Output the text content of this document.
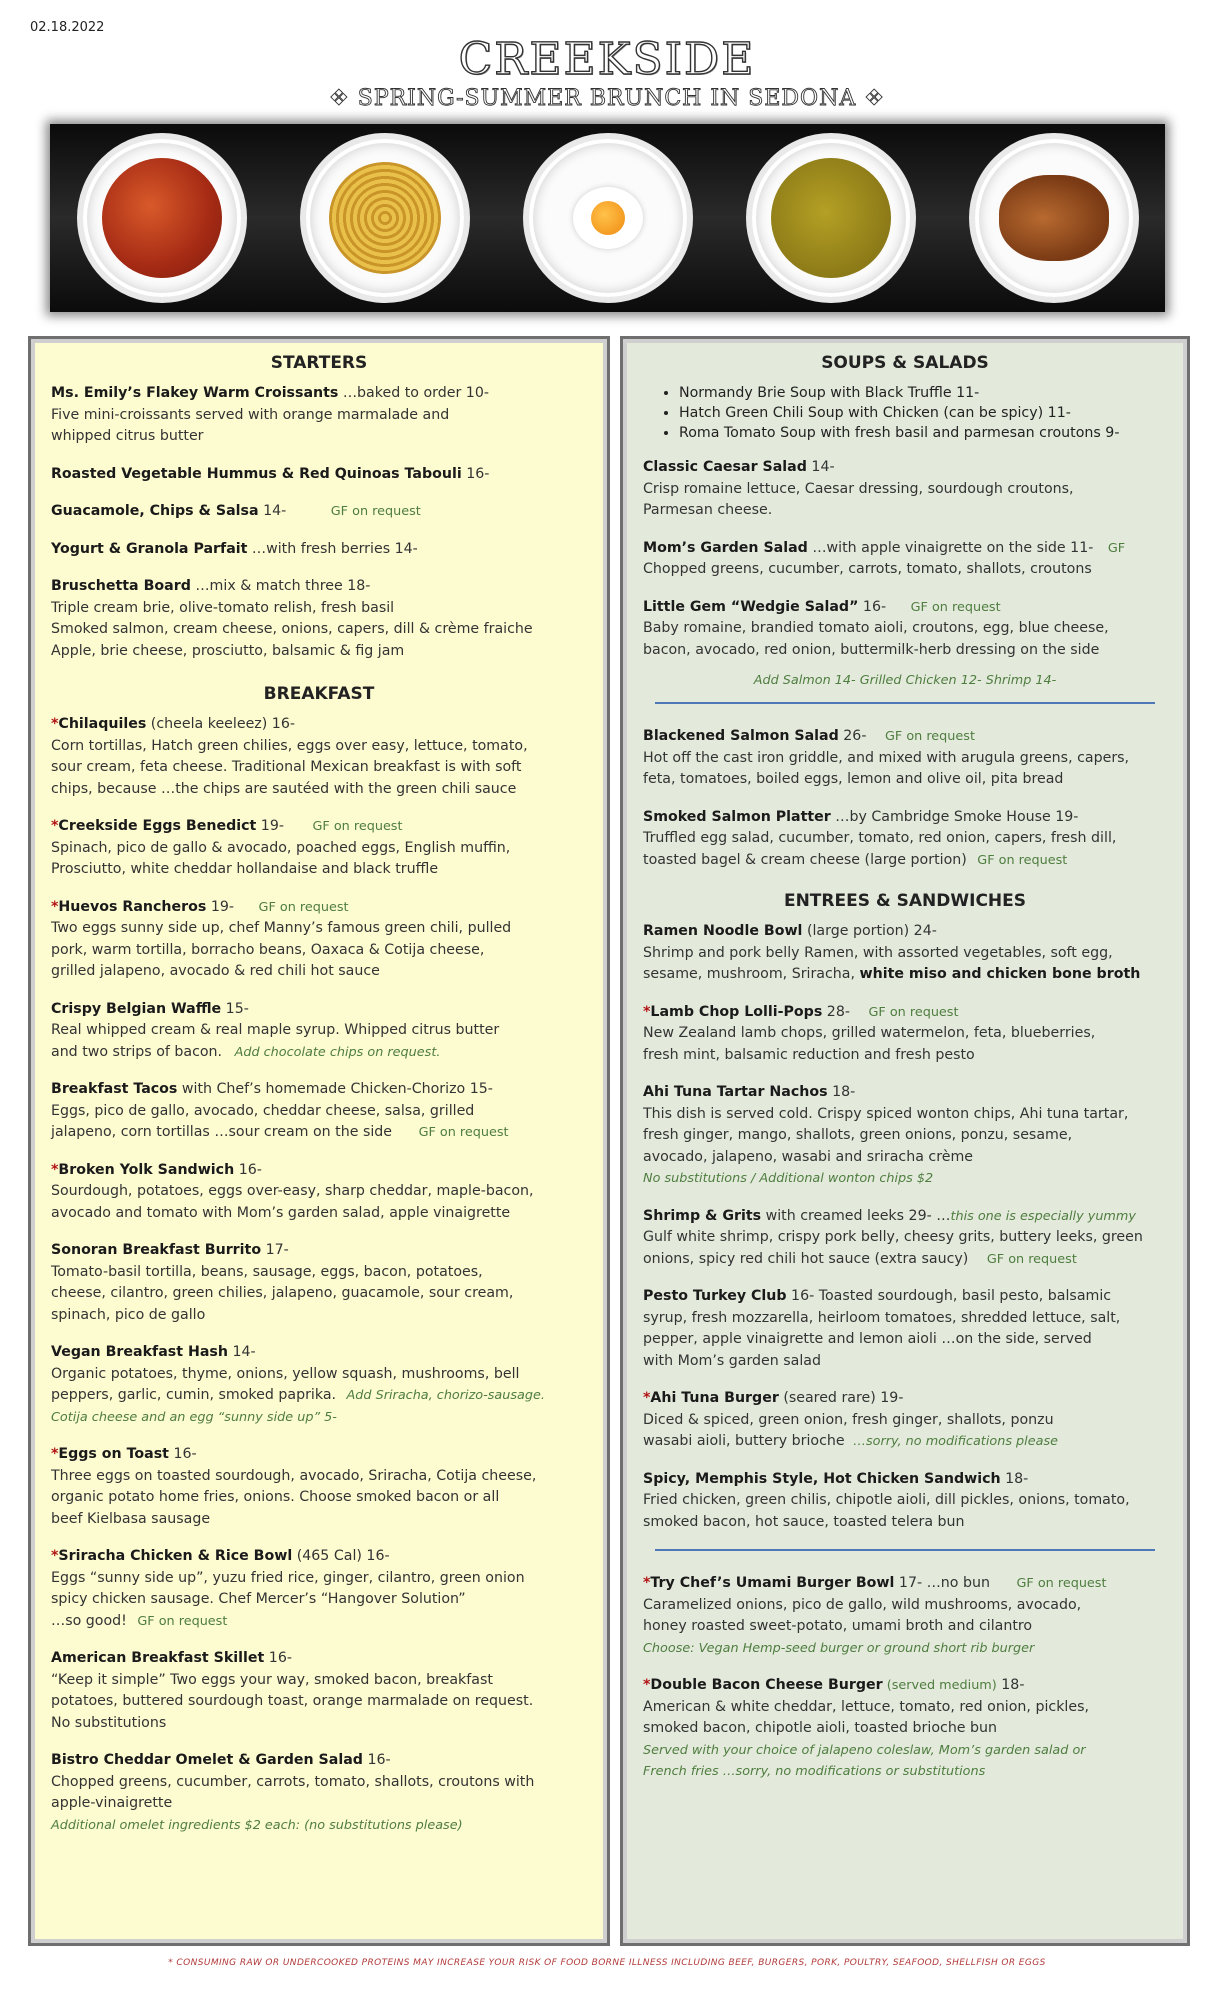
02.18.2022
CREEKSIDE
❖ SPRING-SUMMER BRUNCH IN SEDONA ❖
STARTERS
Ms. Emily’s Flakey Warm Croissants …baked to order 10-
Five mini-croissants served with orange marmalade and
whipped citrus butter
Roasted Vegetable Hummus & Red Quinoas Tabouli 16-
Guacamole, Chips & Salsa 14-	GF on request
Yogurt & Granola Parfait …with fresh berries 14-
Bruschetta Board …mix & match three 18-
Triple cream brie, olive-tomato relish, fresh basil
Smoked salmon, cream cheese, onions, capers, dill & crème fraiche
Apple, brie cheese, prosciutto, balsamic & fig jam
BREAKFAST
*Chilaquiles (cheela keeleez) 16-
Corn tortillas, Hatch green chilies, eggs over easy, lettuce, tomato,
sour cream, feta cheese. Traditional Mexican breakfast is with soft
chips, because …the chips are sautéed with the green chili sauce
*Creekside Eggs Benedict 19- GF on request
Spinach, pico de gallo & avocado, poached eggs, English muffin,
Prosciutto, white cheddar hollandaise and black truffle
*Huevos Rancheros 19- GF on request
Two eggs sunny side up, chef Manny’s famous green chili, pulled
pork, warm tortilla, borracho beans, Oaxaca & Cotija cheese,
grilled jalapeno, avocado & red chili hot sauce
Crispy Belgian Waffle 15-
Real whipped cream & real maple syrup. Whipped citrus butter
and two strips of bacon. Add chocolate chips on request.
Breakfast Tacos with Chef’s homemade Chicken-Chorizo 15-
Eggs, pico de gallo, avocado, cheddar cheese, salsa, grilled
jalapeno, corn tortillas …sour cream on the side GF on request
*Broken Yolk Sandwich 16-
Sourdough, potatoes, eggs over-easy, sharp cheddar, maple-bacon,
avocado and tomato with Mom’s garden salad, apple vinaigrette
Sonoran Breakfast Burrito 17-
Tomato-basil tortilla, beans, sausage, eggs, bacon, potatoes,
cheese, cilantro, green chilies, jalapeno, guacamole, sour cream,
spinach, pico de gallo
Vegan Breakfast Hash 14-
Organic potatoes, thyme, onions, yellow squash, mushrooms, bell
peppers, garlic, cumin, smoked paprika. Add Sriracha, chorizo-sausage.
Cotija cheese and an egg “sunny side up” 5-
*Eggs on Toast 16-
Three eggs on toasted sourdough, avocado, Sriracha, Cotija cheese,
organic potato home fries, onions. Choose smoked bacon or all
beef Kielbasa sausage
*Sriracha Chicken & Rice Bowl (465 Cal) 16-
Eggs “sunny side up”, yuzu fried rice, ginger, cilantro, green onion
spicy chicken sausage. Chef Mercer’s “Hangover Solution”
…so good! GF on request
American Breakfast Skillet 16-
“Keep it simple” Two eggs your way, smoked bacon, breakfast
potatoes, buttered sourdough toast, orange marmalade on request.
No substitutions
Bistro Cheddar Omelet & Garden Salad 16-
Chopped greens, cucumber, carrots, tomato, shallots, croutons with
apple-vinaigrette
Additional omelet ingredients $2 each: (no substitutions please)
SOUPS & SALADS
• Normandy Brie Soup with Black Truffle 11-
• Hatch Green Chili Soup with Chicken (can be spicy) 11-
• Roma Tomato Soup with fresh basil and parmesan croutons 9-
Classic Caesar Salad 14-
Crisp romaine lettuce, Caesar dressing, sourdough croutons,
Parmesan cheese.
Mom’s Garden Salad …with apple vinaigrette on the side 11- GF
Chopped greens, cucumber, carrots, tomato, shallots, croutons
Little Gem “Wedgie Salad” 16- GF on request
Baby romaine, brandied tomato aioli, croutons, egg, blue cheese,
bacon, avocado, red onion, buttermilk-herb dressing on the side
Add Salmon 14- Grilled Chicken 12- Shrimp 14-
Blackened Salmon Salad 26- GF on request
Hot off the cast iron griddle, and mixed with arugula greens, capers,
feta, tomatoes, boiled eggs, lemon and olive oil, pita bread
Smoked Salmon Platter …by Cambridge Smoke House 19-
Truffled egg salad, cucumber, tomato, red onion, capers, fresh dill,
toasted bagel & cream cheese (large portion) GF on request
ENTREES & SANDWICHES
Ramen Noodle Bowl (large portion) 24-
Shrimp and pork belly Ramen, with assorted vegetables, soft egg,
sesame, mushroom, Sriracha, white miso and chicken bone broth
*Lamb Chop Lolli-Pops 28- GF on request
New Zealand lamb chops, grilled watermelon, feta, blueberries,
fresh mint, balsamic reduction and fresh pesto
Ahi Tuna Tartar Nachos 18-
This dish is served cold. Crispy spiced wonton chips, Ahi tuna tartar,
fresh ginger, mango, shallots, green onions, ponzu, sesame,
avocado, jalapeno, wasabi and sriracha crème
No substitutions / Additional wonton chips $2
Shrimp & Grits with creamed leeks 29- …this one is especially yummy
Gulf white shrimp, crispy pork belly, cheesy grits, buttery leeks, green
onions, spicy red chili hot sauce (extra saucy) GF on request
Pesto Turkey Club 16- Toasted sourdough, basil pesto, balsamic
syrup, fresh mozzarella, heirloom tomatoes, shredded lettuce, salt,
pepper, apple vinaigrette and lemon aioli …on the side, served
with Mom’s garden salad
*Ahi Tuna Burger (seared rare) 19-
Diced & spiced, green onion, fresh ginger, shallots, ponzu
wasabi aioli, buttery brioche …sorry, no modifications please
Spicy, Memphis Style, Hot Chicken Sandwich 18-
Fried chicken, green chilis, chipotle aioli, dill pickles, onions, tomato,
smoked bacon, hot sauce, toasted telera bun
*Try Chef’s Umami Burger Bowl 17- …no bun GF on request
Caramelized onions, pico de gallo, wild mushrooms, avocado,
honey roasted sweet-potato, umami broth and cilantro
Choose: Vegan Hemp-seed burger or ground short rib burger
*Double Bacon Cheese Burger (served medium) 18-
American & white cheddar, lettuce, tomato, red onion, pickles,
smoked bacon, chipotle aioli, toasted brioche bun
Served with your choice of jalapeno coleslaw, Mom’s garden salad or
French fries …sorry, no modifications or substitutions
* CONSUMING RAW OR UNDERCOOKED PROTEINS MAY INCREASE YOUR RISK OF FOOD BORNE ILLNESS INCLUDING BEEF, BURGERS, PORK, POULTRY, SEAFOOD, SHELLFISH OR EGGS
